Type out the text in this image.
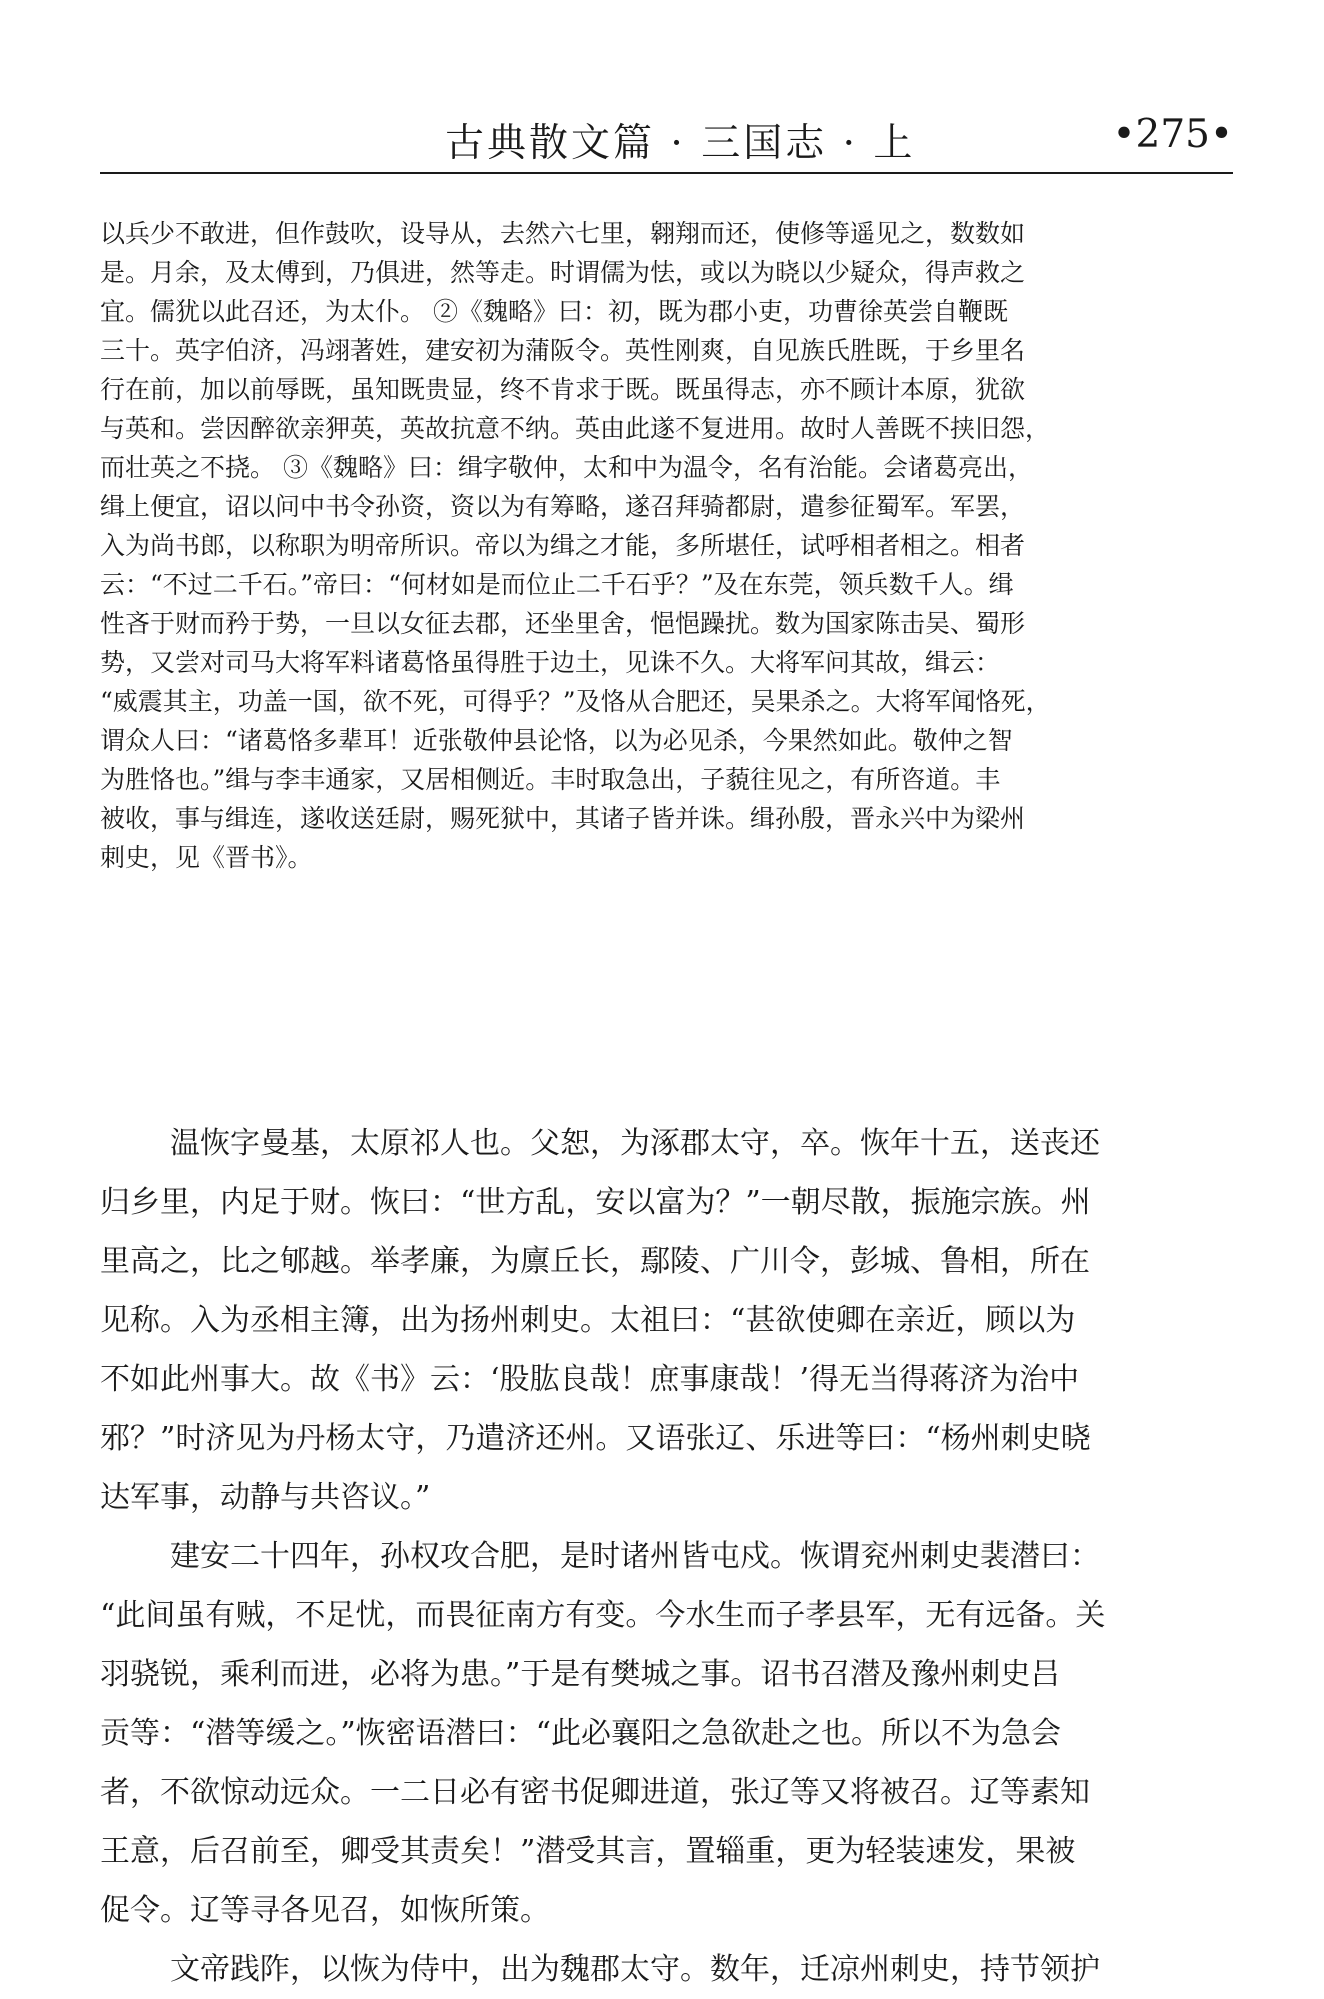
古典散文篇 · 三国志 · 上	•275•
以兵少不敢进，但作鼓吹，设导从，去然六七里，翱翔而还，使修等遥见之，数数如
是。月余，及太傅到，乃俱进，然等走。时谓儒为怯，或以为晓以少疑众，得声救之
宜。儒犹以此召还，为太仆。 ②《魏略》曰：初，既为郡小吏，功曹徐英尝自鞭既
三十。英字伯济，冯翊著姓，建安初为蒲阪令。英性刚爽，自见族氏胜既，于乡里名
行在前，加以前辱既，虽知既贵显，终不肯求于既。既虽得志，亦不顾计本原，犹欲
与英和。尝因醉欲亲狎英，英故抗意不纳。英由此遂不复进用。故时人善既不挟旧怨，
而壮英之不挠。 ③《魏略》曰：缉字敬仲，太和中为温令，名有治能。会诸葛亮出，
缉上便宜，诏以问中书令孙资，资以为有筹略，遂召拜骑都尉，遣参征蜀军。军罢，
入为尚书郎，以称职为明帝所识。帝以为缉之才能，多所堪任，试呼相者相之。相者
云：“不过二千石。”帝曰：“何材如是而位止二千石乎？”及在东莞，领兵数千人。缉
性吝于财而矜于势，一旦以女征去郡，还坐里舍，悒悒躁扰。数为国家陈击吴、蜀形
势，又尝对司马大将军料诸葛恪虽得胜于边土，见诛不久。大将军问其故，缉云：
“威震其主，功盖一国，欲不死，可得乎？”及恪从合肥还，吴果杀之。大将军闻恪死，
谓众人曰：“诸葛恪多辈耳！近张敬仲县论恪，以为必见杀，今果然如此。敬仲之智
为胜恪也。”缉与李丰通家，又居相侧近。丰时取急出，子藐往见之，有所咨道。丰
被收，事与缉连，遂收送廷尉，赐死狱中，其诸子皆并诛。缉孙殷，晋永兴中为梁州
刺史，见《晋书》。
温恢字曼基，太原祁人也。父恕，为涿郡太守，卒。恢年十五，送丧还
归乡里，内足于财。恢曰：“世方乱，安以富为？”一朝尽散，振施宗族。州
里高之，比之郇越。举孝廉，为廪丘长，鄢陵、广川令，彭城、鲁相，所在
见称。入为丞相主簿，出为扬州刺史。太祖曰：“甚欲使卿在亲近，顾以为
不如此州事大。故《书》云：‘股肱良哉！庶事康哉！’得无当得蒋济为治中
邪？”时济见为丹杨太守，乃遣济还州。又语张辽、乐进等曰：“杨州刺史晓
达军事，动静与共咨议。”
建安二十四年，孙权攻合肥，是时诸州皆屯戍。恢谓兖州刺史裴潜曰：
“此间虽有贼，不足忧，而畏征南方有变。今水生而子孝县军，无有远备。关
羽骁锐，乘利而进，必将为患。”于是有樊城之事。诏书召潜及豫州刺史吕
贡等：“潜等缓之。”恢密语潜曰：“此必襄阳之急欲赴之也。所以不为急会
者，不欲惊动远众。一二日必有密书促卿进道，张辽等又将被召。辽等素知
王意，后召前至，卿受其责矣！”潜受其言，置辎重，更为轻装速发，果被
促令。辽等寻各见召，如恢所策。
文帝践阼，以恢为侍中，出为魏郡太守。数年，迁凉州刺史，持节领护
